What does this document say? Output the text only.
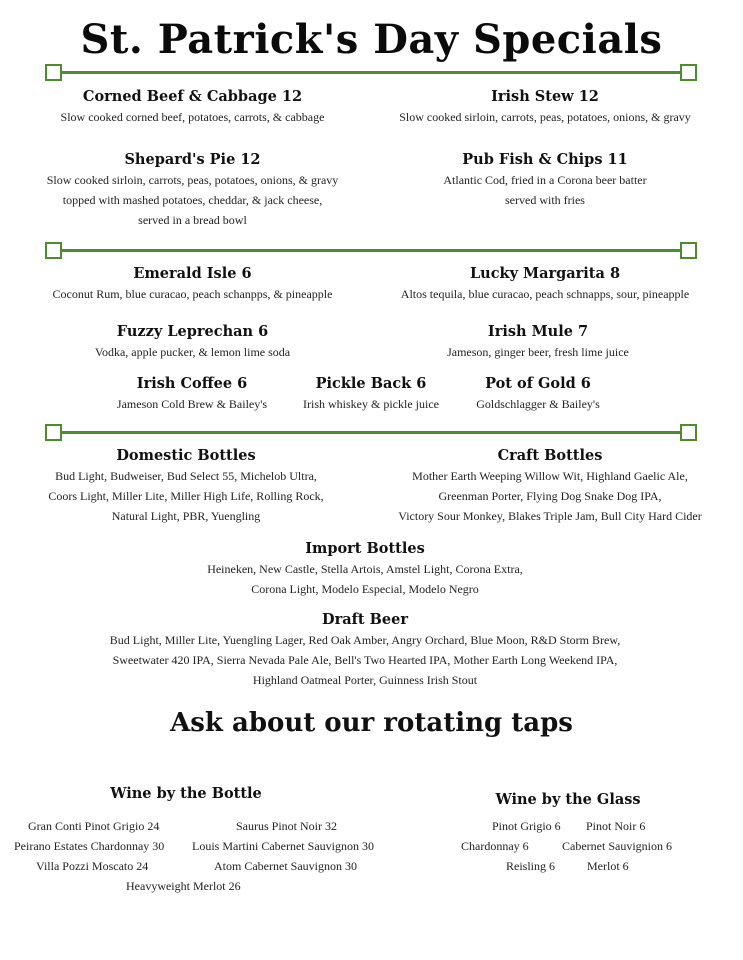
St. Patrick's Day Specials
Corned Beef & Cabbage 12
Slow cooked corned beef, potatoes, carrots, & cabbage
Irish Stew 12
Slow cooked sirloin, carrots, peas, potatoes, onions, & gravy
Shepard's Pie 12
Slow cooked sirloin, carrots, peas, potatoes, onions, & gravy
topped with mashed potatoes, cheddar, & jack cheese,
served in a bread bowl
Pub Fish & Chips 11
Atlantic Cod, fried in a Corona beer batter
served with fries
Emerald Isle 6
Coconut Rum, blue curacao, peach schanpps, & pineapple
Lucky Margarita 8
Altos tequila, blue curacao, peach schnapps, sour, pineapple
Fuzzy Leprechan 6
Vodka, apple pucker, & lemon lime soda
Irish Mule 7
Jameson, ginger beer, fresh lime juice
Irish Coffee 6
Jameson Cold Brew & Bailey's
Pickle Back 6
Irish whiskey & pickle juice
Pot of Gold 6
Goldschlagger & Bailey's
Domestic Bottles
Bud Light, Budweiser, Bud Select 55, Michelob Ultra,
Coors Light, Miller Lite, Miller High Life, Rolling Rock,
Natural Light, PBR, Yuengling
Craft Bottles
Mother Earth Weeping Willow Wit, Highland Gaelic Ale,
Greenman Porter, Flying Dog Snake Dog IPA,
Victory Sour Monkey, Blakes Triple Jam, Bull City Hard Cider
Import Bottles
Heineken, New Castle, Stella Artois, Amstel Light, Corona Extra,
Corona Light, Modelo Especial, Modelo Negro
Draft Beer
Bud Light, Miller Lite, Yuengling Lager, Red Oak Amber, Angry Orchard, Blue Moon, R&D Storm Brew,
Sweetwater 420 IPA, Sierra Nevada Pale Ale, Bell's Two Hearted IPA, Mother Earth Long Weekend IPA,
Highland Oatmeal Porter, Guinness Irish Stout
Ask about our rotating taps
Wine by the Bottle
Gran Conti Pinot Grigio 24	Saurus Pinot Noir 32
Peirano Estates Chardonnay 30 Louis Martini Cabernet Sauvignon 30
Villa Pozzi Moscato 24	Atom Cabernet Sauvignon 30
Heavyweight Merlot 26
Wine by the Glass
Pinot Grigio 6 Pinot Noir 6
Chardonnay 6	Cabernet Sauvignion 6
Reisling 6	Merlot 6
